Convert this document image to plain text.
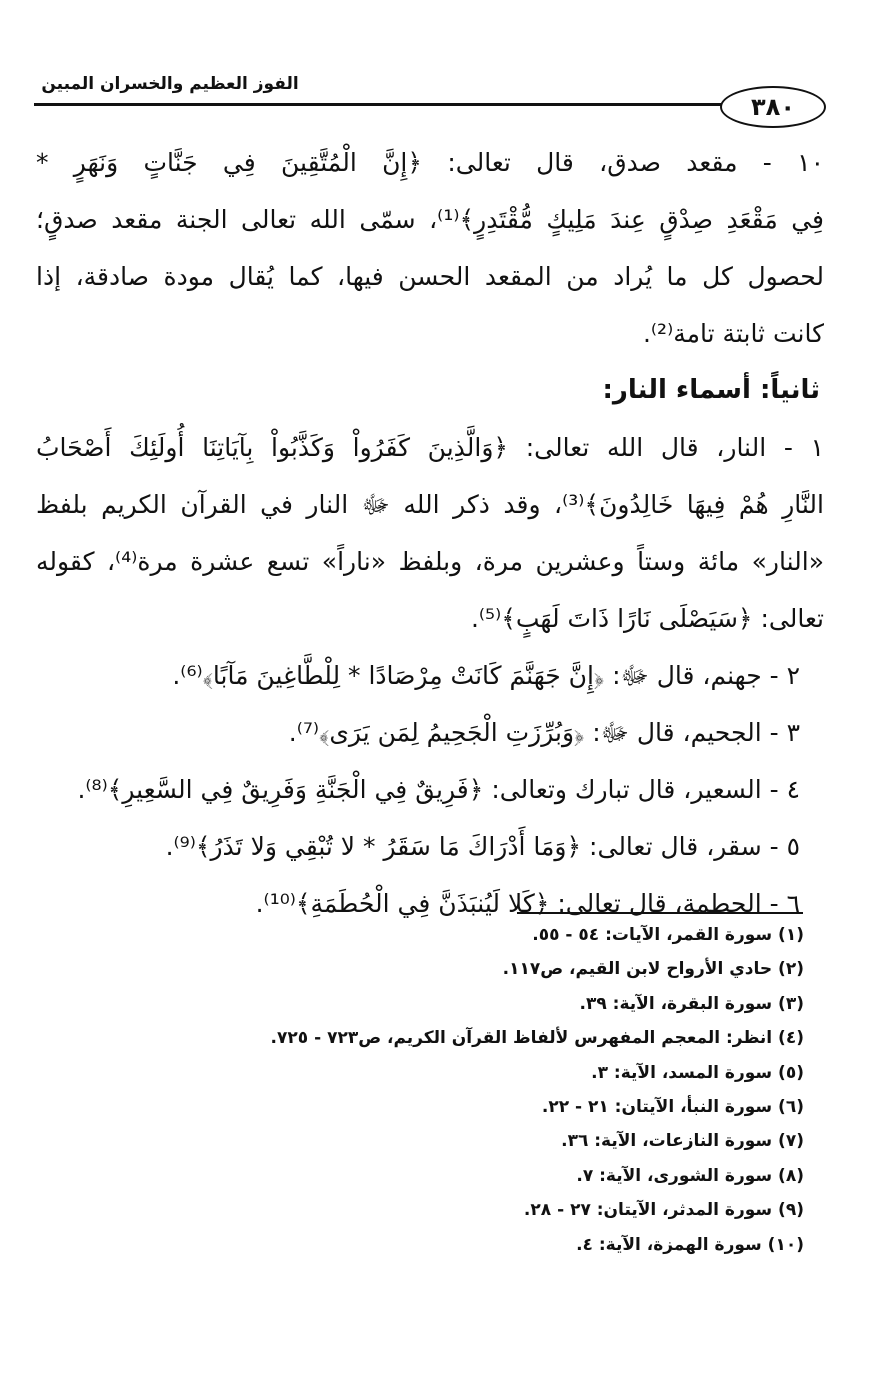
الفوز العظيم والخسران المبين
٣٨٠
١٠ - مقعد صدق، قال تعالى: ﴿إِنَّ الْمُتَّقِينَ فِي جَنَّاتٍ وَنَهَرٍ *
فِي مَقْعَدِ صِدْقٍ عِندَ مَلِيكٍ مُّقْتَدِرٍ﴾⁽¹⁾، سمّى الله تعالى الجنة مقعد صدقٍ؛
لحصول كل ما يُراد من المقعد الحسن فيها، كما يُقال مودة صادقة، إذا
كانت ثابتة تامة⁽²⁾.
ثانياً: أسماء النار:
١ - النار، قال الله تعالى: ﴿وَالَّذِينَ كَفَرُواْ وَكَذَّبُواْ بِآيَاتِنَا أُولَئِكَ أَصْحَابُ
النَّارِ هُمْ فِيهَا خَالِدُونَ﴾⁽³⁾، وقد ذكر الله ﷻ النار في القرآن الكريم بلفظ
«النار» مائة وستاً وعشرين مرة، وبلفظ «ناراً» تسع عشرة مرة⁽⁴⁾، كقوله
تعالى: ﴿سَيَصْلَى نَارًا ذَاتَ لَهَبٍ﴾⁽⁵⁾.
٢ - جهنم، قال ﷻ: ﴿إِنَّ جَهَنَّمَ كَانَتْ مِرْصَادًا * لِلْطَّاغِينَ مَآبًا﴾⁽⁶⁾.
٣ - الجحيم، قال ﷻ: ﴿وَبُرِّزَتِ الْجَحِيمُ لِمَن يَرَى﴾⁽⁷⁾.
٤ - السعير، قال تبارك وتعالى: ﴿فَرِيقٌ فِي الْجَنَّةِ وَفَرِيقٌ فِي السَّعِيرِ﴾⁽⁸⁾.
٥ - سقر، قال تعالى: ﴿وَمَا أَدْرَاكَ مَا سَقَرُ * لا تُبْقِي وَلا تَذَرُ﴾⁽⁹⁾.
٦ - الحطمة، قال تعالى: ﴿كَلا لَيُنبَذَنَّ فِي الْحُطَمَةِ﴾⁽¹⁰⁾.
(١) سورة القمر، الآيات: ٥٤ - ٥٥.
(٢) حادي الأرواح لابن القيم، ص١١٧.
(٣) سورة البقرة، الآية: ٣٩.
(٤) انظر: المعجم المفهرس لألفاظ القرآن الكريم، ص٧٢٣ - ٧٢٥.
(٥) سورة المسد، الآية: ٣.
(٦) سورة النبأ، الآيتان: ٢١ - ٢٢.
(٧) سورة النازعات، الآية: ٣٦.
(٨) سورة الشورى، الآية: ٧.
(٩) سورة المدثر، الآيتان: ٢٧ - ٢٨.
(١٠) سورة الهمزة، الآية: ٤.
